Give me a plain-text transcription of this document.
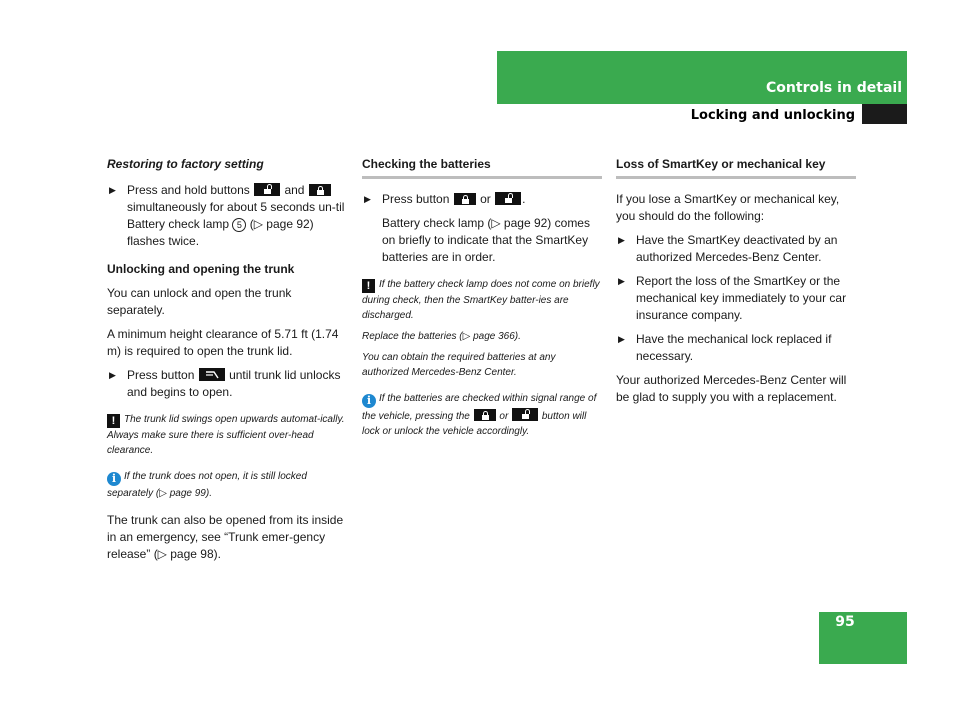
Controls in detail
Locking and unlocking
Restoring to factory setting
▶ Press and hold buttons	and
simultaneously for about 5 seconds un-til Battery check lamp 5 (▷ page 92) flashes twice.
Unlocking and opening the trunk

You can unlock and open the trunk separately.

A minimum height clearance of 5.71 ft (1.74 m) is required to open the trunk lid.

▶ Press button	until trunk lid unlocks and begins to open.
! The trunk lid swings open upwards automat-ically. Always make sure there is sufficient over-head clearance.
i If the trunk does not open, it is still locked separately (▷ page 99).

The trunk can also be opened from its inside in an emergency, see “Trunk emer-gency release” (▷ page 98).

Checking the batteries
▶ Press button	or	.

Battery check lamp (▷ page 92) comes on briefly to indicate that the SmartKey batteries are in order.

! If the battery check lamp does not come on briefly during check, then the SmartKey batter-ies are discharged.
Replace the batteries (▷ page 366).
You can obtain the required batteries at any authorized Mercedes-Benz Center.
i If the batteries are checked within signal range of the vehicle, pressing the	or	button will lock or unlock the vehicle accordingly.
Loss of SmartKey or mechanical key

If you lose a SmartKey or mechanical key, you should do the following:

▶ Have the SmartKey deactivated by an authorized Mercedes-Benz Center.
▶ Report the loss of the SmartKey or the mechanical key immediately to your car insurance company.
▶ Have the mechanical lock replaced if necessary.

Your authorized Mercedes-Benz Center will be glad to supply you with a replacement.

95
